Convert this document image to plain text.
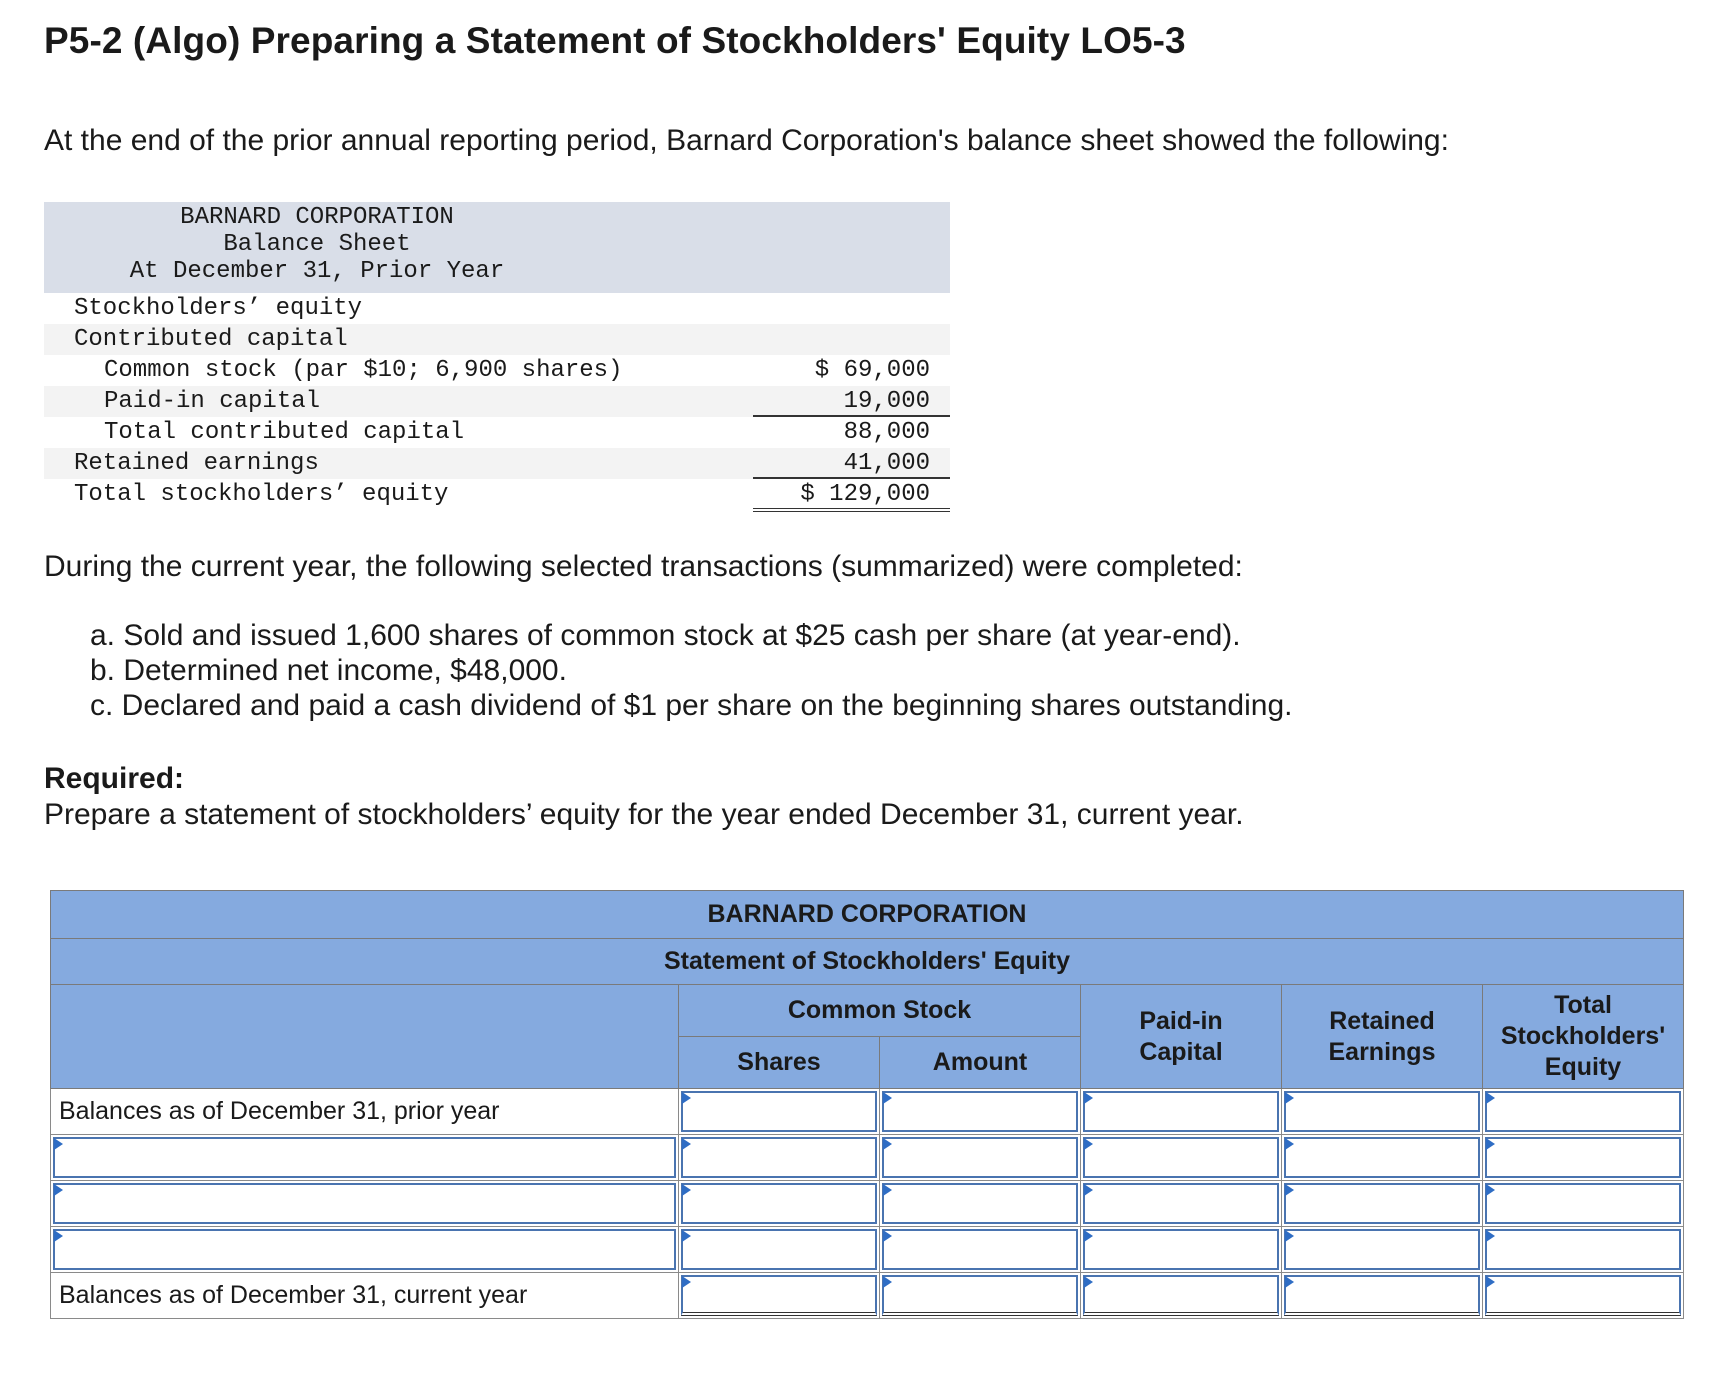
P5-2 (Algo) Preparing a Statement of Stockholders' Equity LO5-3
At the end of the prior annual reporting period, Barnard Corporation's balance sheet showed the following:
BARNARD CORPORATION
Balance Sheet
At December 31, Prior Year
Stockholders’ equity
Contributed capital
Common stock (par $10; 6,900 shares)	$ 69,000
Paid-in capital	19,000
Total contributed capital	88,000
Retained earnings	41,000
Total stockholders’ equity	$ 129,000
During the current year, the following selected transactions (summarized) were completed:
a. Sold and issued 1,600 shares of common stock at $25 cash per share (at year-end).
b. Determined net income, $48,000.
c. Declared and paid a cash dividend of $1 per share on the beginning shares outstanding.
Required:
Prepare a statement of stockholders’ equity for the year ended December 31, current year.
BARNARD CORPORATION					
Statement of Stockholders' Equity					
	Common Stock		Paid-in Capital	Retained Earnings	Total Stockholders' Equity
	Shares	Amount			
Balances as of December 31, prior year	

Balances as of December 31, current year	
